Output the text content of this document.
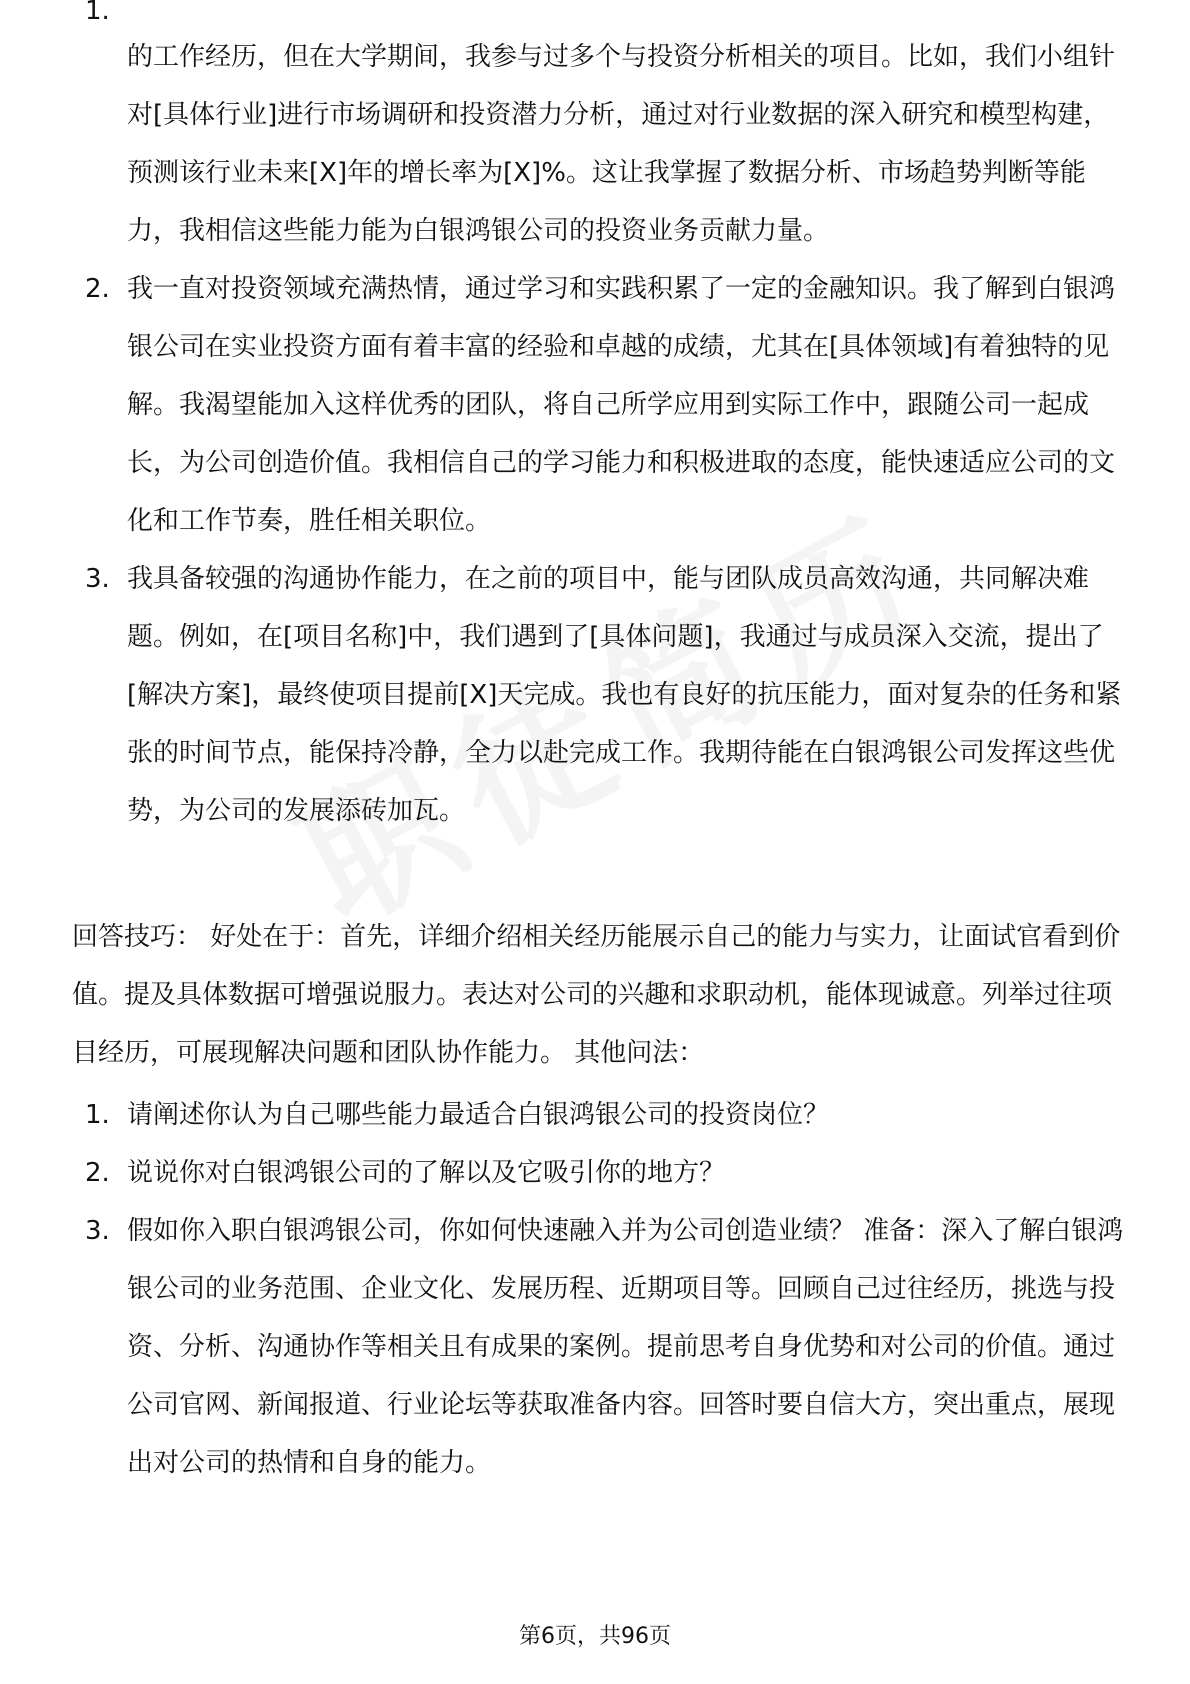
1.
的工作经历，但在大学期间，我参与过多个与投资分析相关的项目。比如，我们小组针对[具体行业]进行市场调研和投资潜力分析，通过对行业数据的深入研究和模型构建，预测该行业未来[X]年的增长率为[X]%。这让我掌握了数据分析、市场趋势判断等能力，我相信这些能力能为白银鸿银公司的投资业务贡献力量。
2. 我一直对投资领域充满热情，通过学习和实践积累了一定的金融知识。我了解到白银鸿银公司在实业投资方面有着丰富的经验和卓越的成绩，尤其在[具体领域]有着独特的见解。我渴望能加入这样优秀的团队，将自己所学应用到实际工作中，跟随公司一起成长，为公司创造价值。我相信自己的学习能力和积极进取的态度，能快速适应公司的文化和工作节奏，胜任相关职位。
3. 我具备较强的沟通协作能力，在之前的项目中，能与团队成员高效沟通，共同解决难题。例如，在[项目名称]中，我们遇到了[具体问题]，我通过与成员深入交流，提出了[解决方案]，最终使项目提前[X]天完成。我也有良好的抗压能力，面对复杂的任务和紧张的时间节点，能保持冷静，全力以赴完成工作。我期待能在白银鸿银公司发挥这些优势，为公司的发展添砖加瓦。

回答技巧： 好处在于：首先，详细介绍相关经历能展示自己的能力与实力，让面试官看到价值。提及具体数据可增强说服力。表达对公司的兴趣和求职动机，能体现诚意。列举过往项目经历，可展现解决问题和团队协作能力。 其他问法：

1. 请阐述你认为自己哪些能力最适合白银鸿银公司的投资岗位？
2. 说说你对白银鸿银公司的了解以及它吸引你的地方？
3. 假如你入职白银鸿银公司，你如何快速融入并为公司创造业绩？ 准备：深入了解白银鸿银公司的业务范围、企业文化、发展历程、近期项目等。回顾自己过往经历，挑选与投资、分析、沟通协作等相关且有成果的案例。提前思考自身优势和对公司的价值。通过公司官网、新闻报道、行业论坛等获取准备内容。回答时要自信大方，突出重点，展现出对公司的热情和自身的能力。
第6页，共96页
